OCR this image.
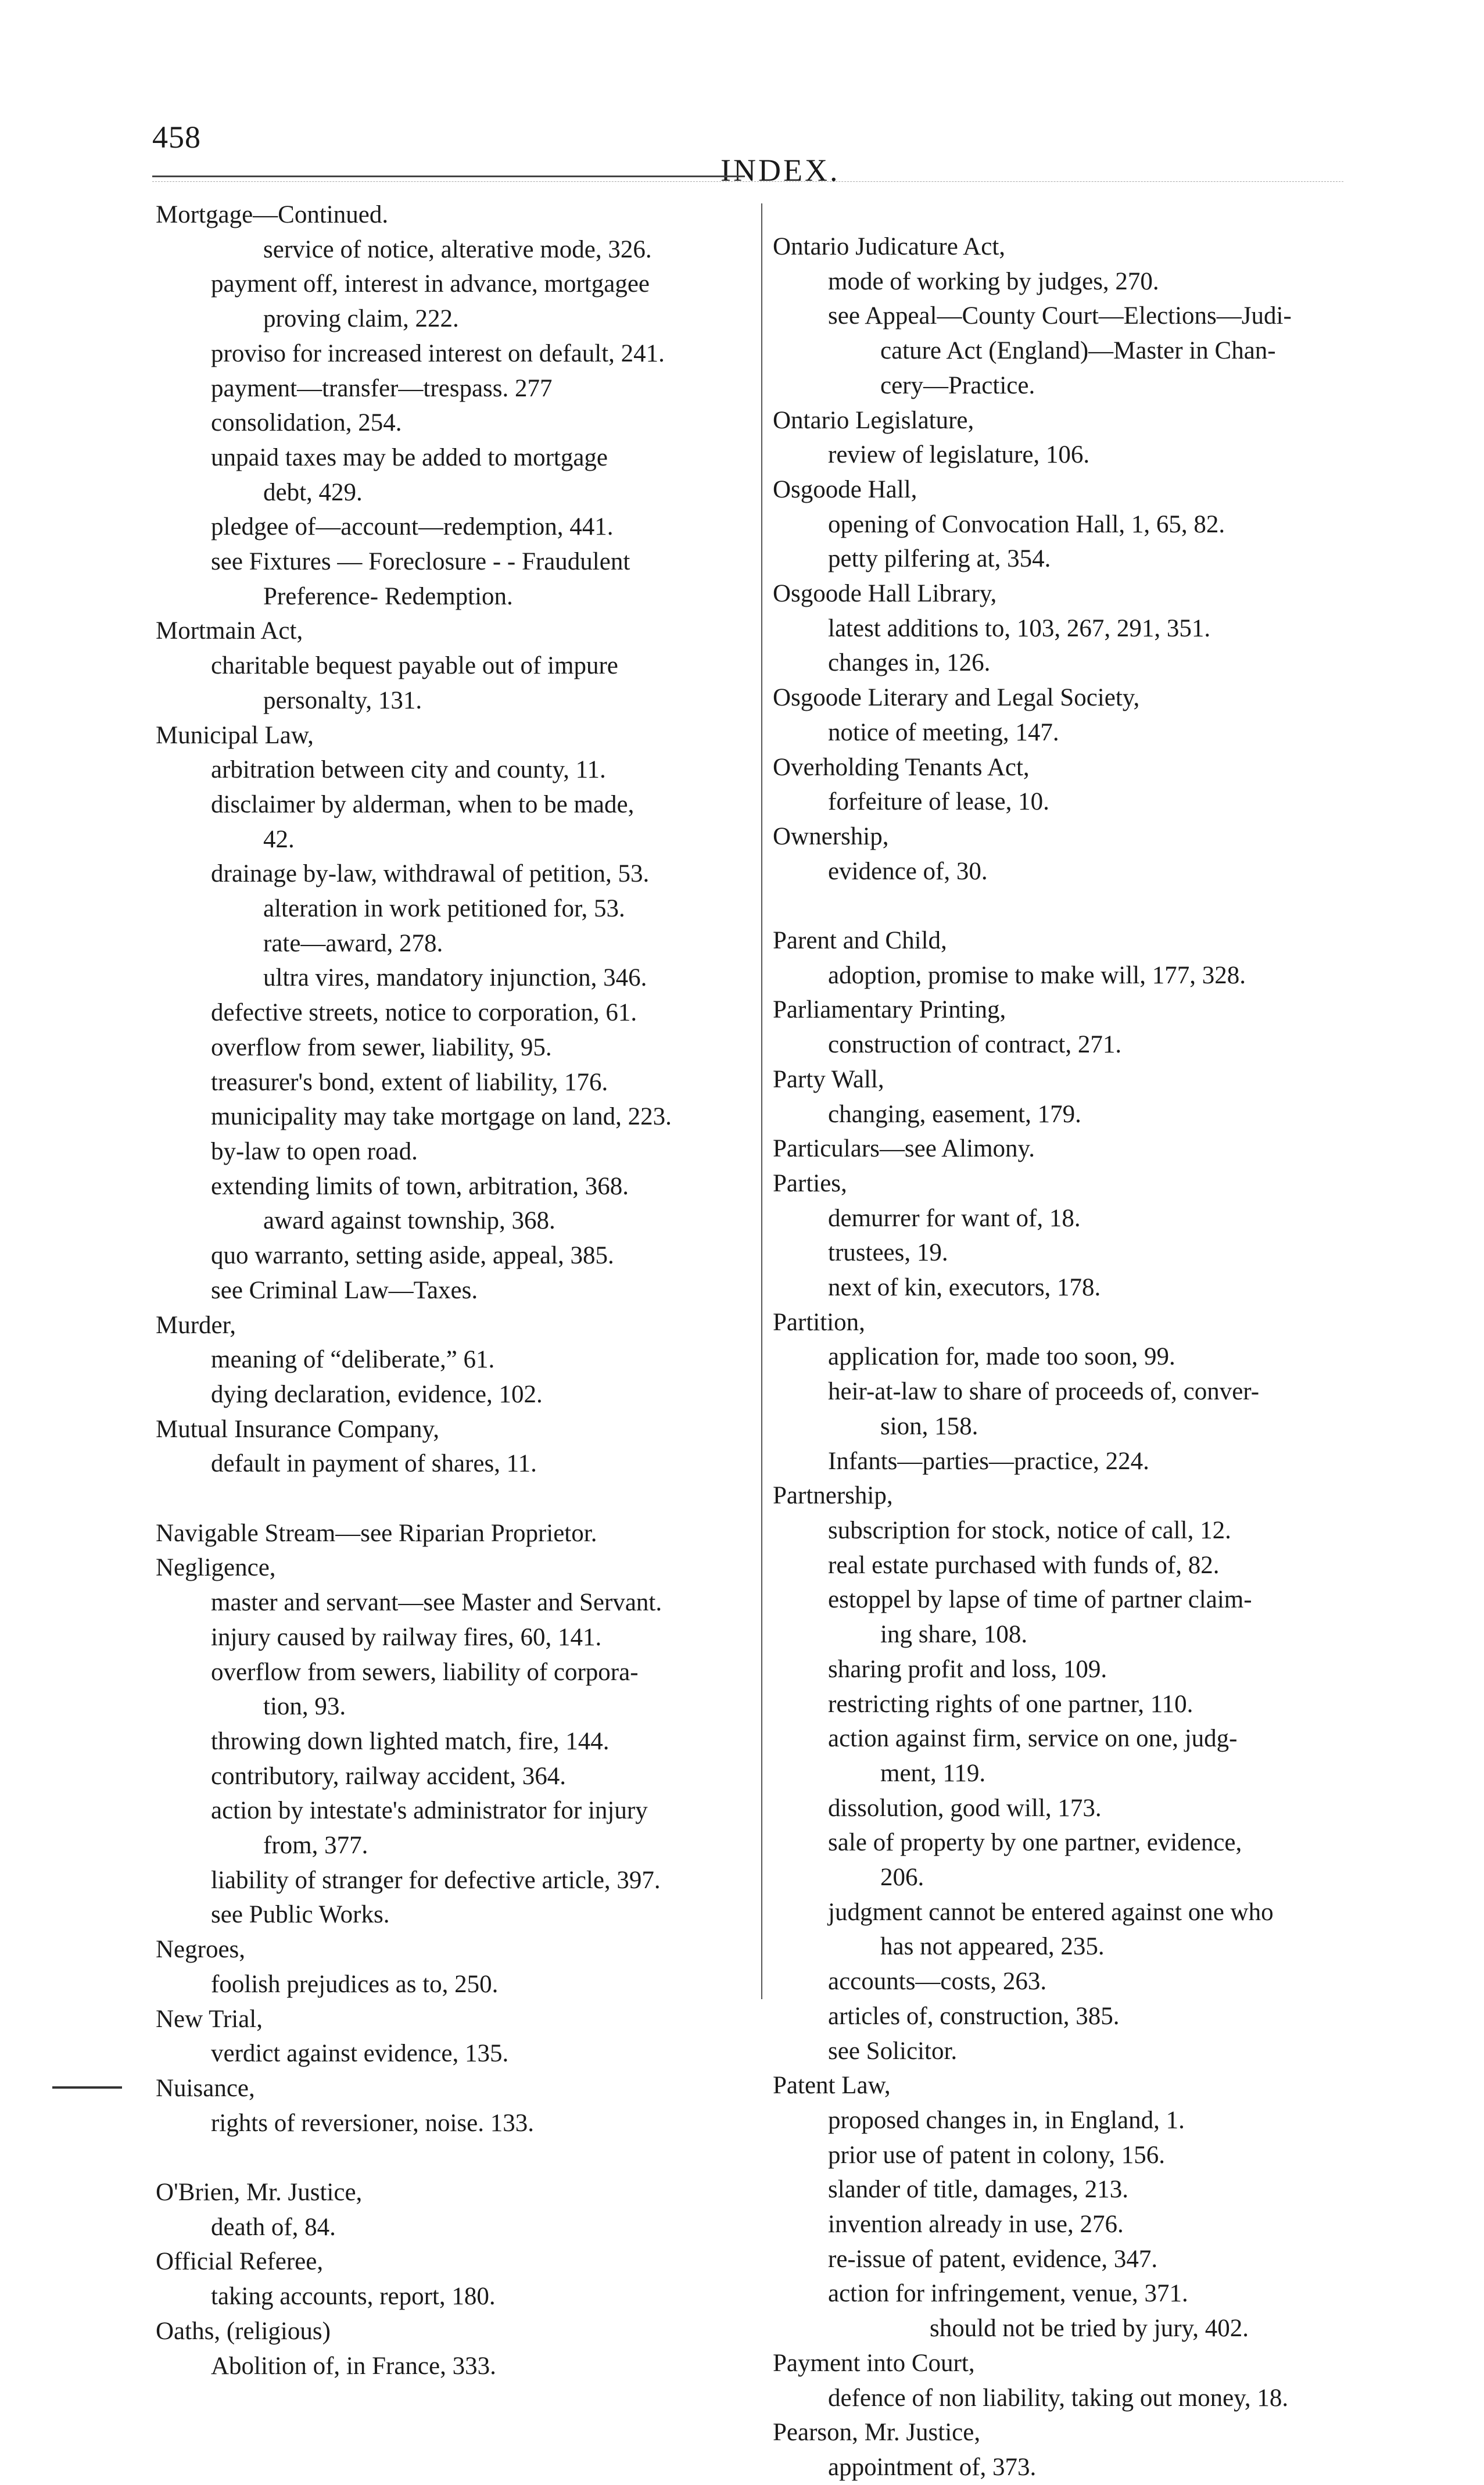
458
INDEX.
Mortgage—Continued.
service of notice, alterative mode, 326.
payment off, interest in advance, mortgagee
proving claim, 222.
proviso for increased interest on default, 241.
payment—transfer—trespass. 277
consolidation, 254.
unpaid taxes may be added to mortgage
debt, 429.
pledgee of—account—redemption, 441.
see Fixtures — Foreclosure - - Fraudulent
Preference- Redemption.
Mortmain Act,
charitable bequest payable out of impure
personalty, 131.
Municipal Law,
arbitration between city and county, 11.
disclaimer by alderman, when to be made,
42.
drainage by-law, withdrawal of petition, 53.
alteration in work petitioned for, 53.
rate—award, 278.
ultra vires, mandatory injunction, 346.
defective streets, notice to corporation, 61.
overflow from sewer, liability, 95.
treasurer's bond, extent of liability, 176.
municipality may take mortgage on land, 223.
by-law to open road.
extending limits of town, arbitration, 368.
award against township, 368.
quo warranto, setting aside, appeal, 385.
see Criminal Law—Taxes.
Murder,
meaning of “deliberate,” 61.
dying declaration, evidence, 102.
Mutual Insurance Company,
default in payment of shares, 11.
Navigable Stream—see Riparian Proprietor.
Negligence,
master and servant—see Master and Servant.
injury caused by railway fires, 60, 141.
overflow from sewers, liability of corpora-
tion, 93.
throwing down lighted match, fire, 144.
contributory, railway accident, 364.
action by intestate's administrator for injury
from, 377.
liability of stranger for defective article, 397.
see Public Works.
Negroes,
foolish prejudices as to, 250.
New Trial,
verdict against evidence, 135.
Nuisance,
rights of reversioner, noise. 133.
O'Brien, Mr. Justice,
death of, 84.
Official Referee,
taking accounts, report, 180.
Oaths, (religious)
Abolition of, in France, 333.
Ontario Judicature Act,
mode of working by judges, 270.
see Appeal—County Court—Elections—Judi-
cature Act (England)—Master in Chan-
cery—Practice.
Ontario Legislature,
review of legislature, 106.
Osgoode Hall,
opening of Convocation Hall, 1, 65, 82.
petty pilfering at, 354.
Osgoode Hall Library,
latest additions to, 103, 267, 291, 351.
changes in, 126.
Osgoode Literary and Legal Society,
notice of meeting, 147.
Overholding Tenants Act,
forfeiture of lease, 10.
Ownership,
evidence of, 30.
Parent and Child,
adoption, promise to make will, 177, 328.
Parliamentary Printing,
construction of contract, 271.
Party Wall,
changing, easement, 179.
Particulars—see Alimony.
Parties,
demurrer for want of, 18.
trustees, 19.
next of kin, executors, 178.
Partition,
application for, made too soon, 99.
heir-at-law to share of proceeds of, conver-
sion, 158.
Infants—parties—practice, 224.
Partnership,
subscription for stock, notice of call, 12.
real estate purchased with funds of, 82.
estoppel by lapse of time of partner claim-
ing share, 108.
sharing profit and loss, 109.
restricting rights of one partner, 110.
action against firm, service on one, judg-
ment, 119.
dissolution, good will, 173.
sale of property by one partner, evidence,
206.
judgment cannot be entered against one who
has not appeared, 235.
accounts—costs, 263.
articles of, construction, 385.
see Solicitor.
Patent Law,
proposed changes in, in England, 1.
prior use of patent in colony, 156.
slander of title, damages, 213.
invention already in use, 276.
re-issue of patent, evidence, 347.
action for infringement, venue, 371.
should not be tried by jury, 402.
Payment into Court,
defence of non liability, taking out money, 18.
Pearson, Mr. Justice,
appointment of, 373.
